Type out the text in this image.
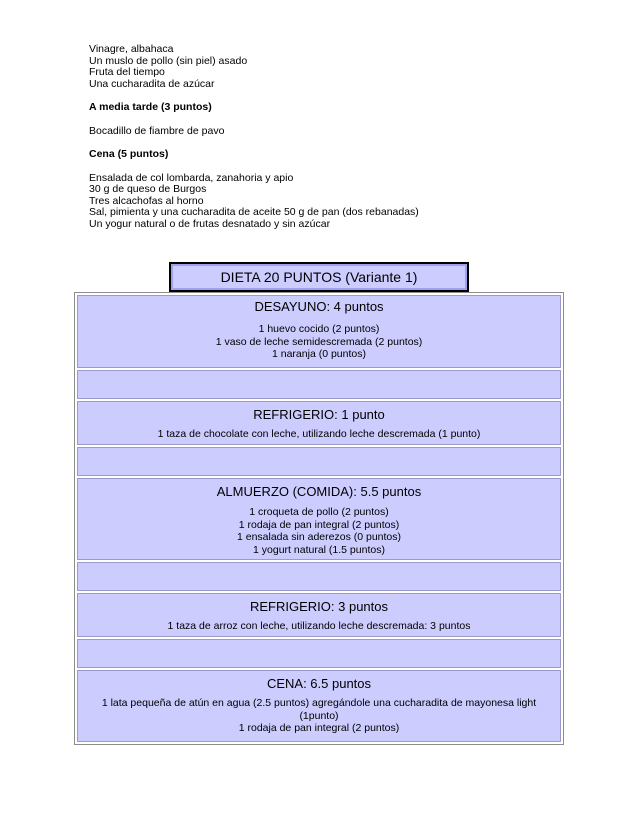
Vinagre, albahaca
Un muslo de pollo (sin piel) asado
Fruta del tiempo
Una cucharadita de azúcar
A media tarde (3 puntos)
Bocadillo de fiambre de pavo
Cena (5 puntos)
Ensalada de col lombarda, zanahoria y apio
30 g de queso de Burgos
Tres alcachofas al horno
Sal, pimienta y una cucharadita de aceite 50 g de pan (dos rebanadas)
Un yogur natural o de frutas desnatado y sin azúcar
DIETA 20 PUNTOS (Variante 1)
DESAYUNO: 4 puntos
1 huevo cocido (2 puntos)
1 vaso de leche semidescremada (2 puntos)
1 naranja (0 puntos)
REFRIGERIO: 1 punto
1 taza de chocolate con leche, utilizando leche descremada (1 punto)
ALMUERZO (COMIDA): 5.5 puntos
1 croqueta de pollo (2 puntos)
1 rodaja de pan integral (2 puntos)
1 ensalada sin aderezos (0 puntos)
1 yogurt natural (1.5 puntos)
REFRIGERIO: 3 puntos
1 taza de arroz con leche, utilizando leche descremada: 3 puntos
CENA: 6.5 puntos
1 lata pequeña de atún en agua (2.5 puntos) agregándole una cucharadita de mayonesa light (1punto)
1 rodaja de pan integral (2 puntos)
